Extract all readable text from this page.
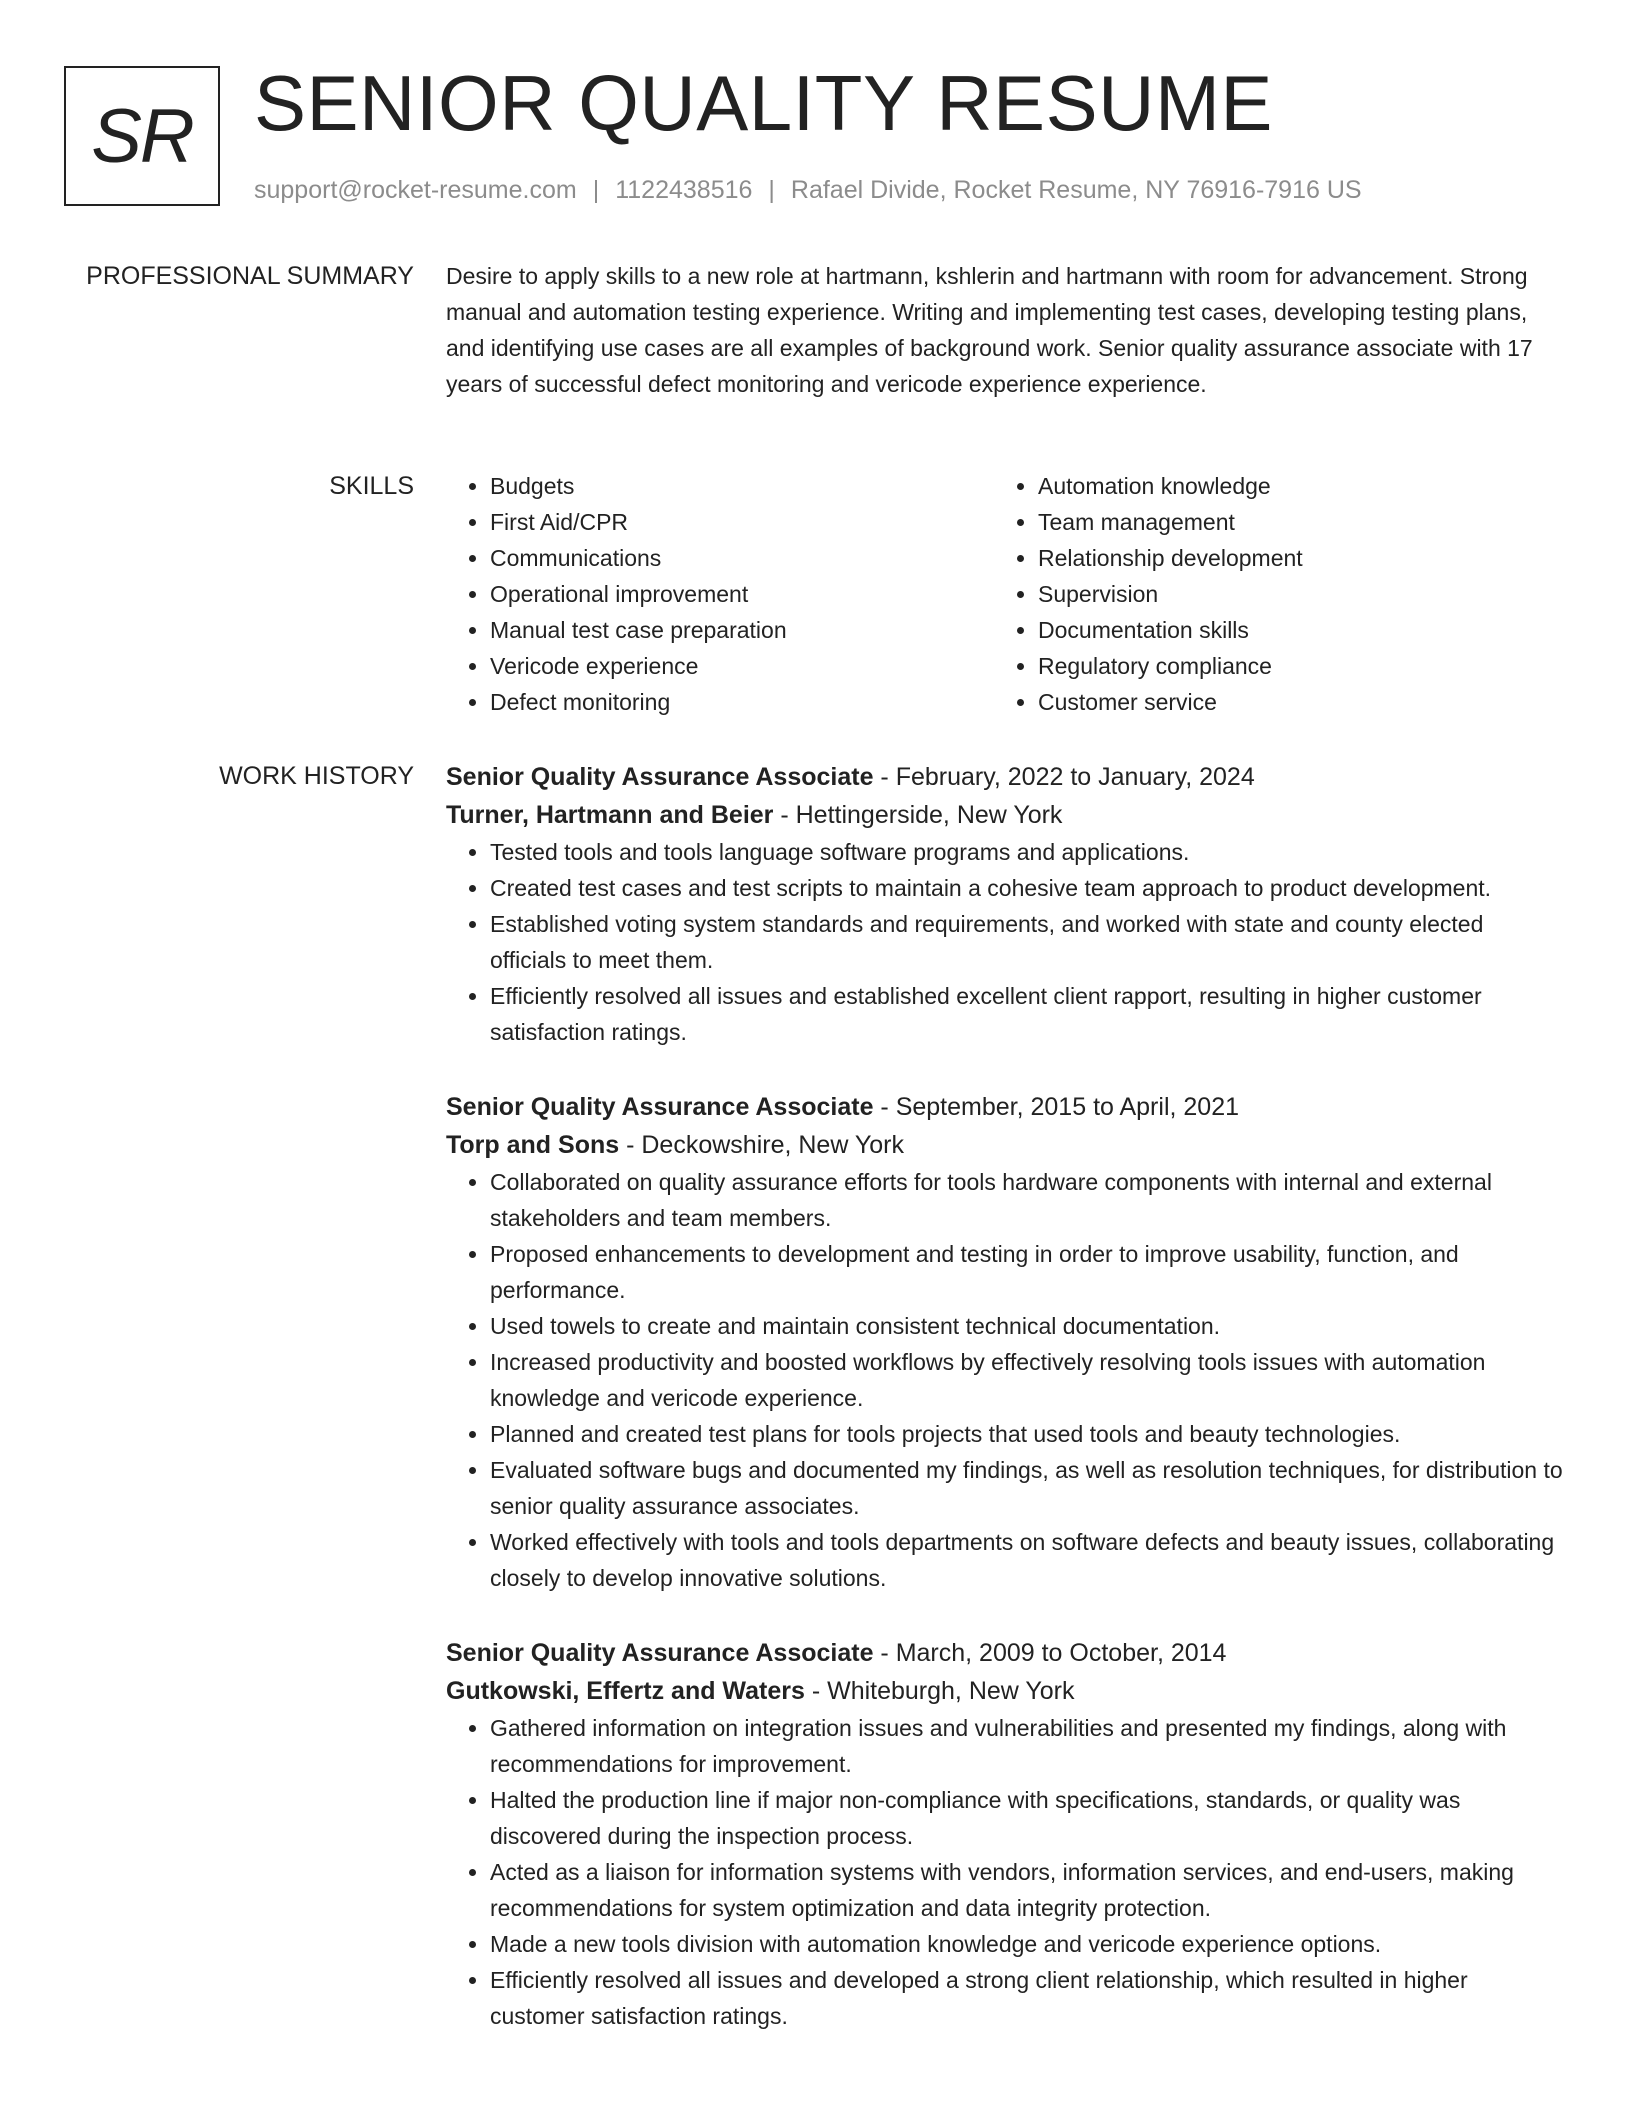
SR SENIOR QUALITY RESUME
support@rocket-resume.com | 1122438516 | Rafael Divide, Rocket Resume, NY 76916-7916 US
PROFESSIONAL SUMMARY Desire to apply skills to a new role at hartmann, kshlerin and hartmann with room for advancement. Strong manual and automation testing experience. Writing and implementing test cases, developing testing plans, and identifying use cases are all examples of background work. Senior quality assurance associate with 17 years of successful defect monitoring and vericode experience experience.

SKILLS
•	Budgets
• First Aid/CPR
• Communications
• Operational improvement
• Manual test case preparation
• Vericode experience
• Defect monitoring
• Automation knowledge
• Team management
• Relationship development
• Supervision
• Documentation skills
• Regulatory compliance
• Customer service
WORK HISTORY Senior Quality Assurance Associate - February, 2022 to January, 2024
Turner, Hartmann and Beier - Hettingerside, New York
• Tested tools and tools language software programs and applications.
• Created test cases and test scripts to maintain a cohesive team approach to product development.
• Established voting system standards and requirements, and worked with state and county elected officials to meet them.
• Efficiently resolved all issues and established excellent client rapport, resulting in higher customer satisfaction ratings.
Senior Quality Assurance Associate - September, 2015 to April, 2021
Torp and Sons - Deckowshire, New York
• Collaborated on quality assurance efforts for tools hardware components with internal and external stakeholders and team members.
• Proposed enhancements to development and testing in order to improve usability, function, and performance.
• Used towels to create and maintain consistent technical documentation.
• Increased productivity and boosted workflows by effectively resolving tools issues with automation knowledge and vericode experience.
• Planned and created test plans for tools projects that used tools and beauty technologies.
• Evaluated software bugs and documented my findings, as well as resolution techniques, for distribution to senior quality assurance associates.
• Worked effectively with tools and tools departments on software defects and beauty issues, collaborating closely to develop innovative solutions.
Senior Quality Assurance Associate - March, 2009 to October, 2014
Gutkowski, Effertz and Waters - Whiteburgh, New York
• Gathered information on integration issues and vulnerabilities and presented my findings, along with recommendations for improvement.
• Halted the production line if major non-compliance with specifications, standards, or quality was discovered during the inspection process.
• Acted as a liaison for information systems with vendors, information services, and end-users, making recommendations for system optimization and data integrity protection.
• Made a new tools division with automation knowledge and vericode experience options.
• Efficiently resolved all issues and developed a strong client relationship, which resulted in higher customer satisfaction ratings.
